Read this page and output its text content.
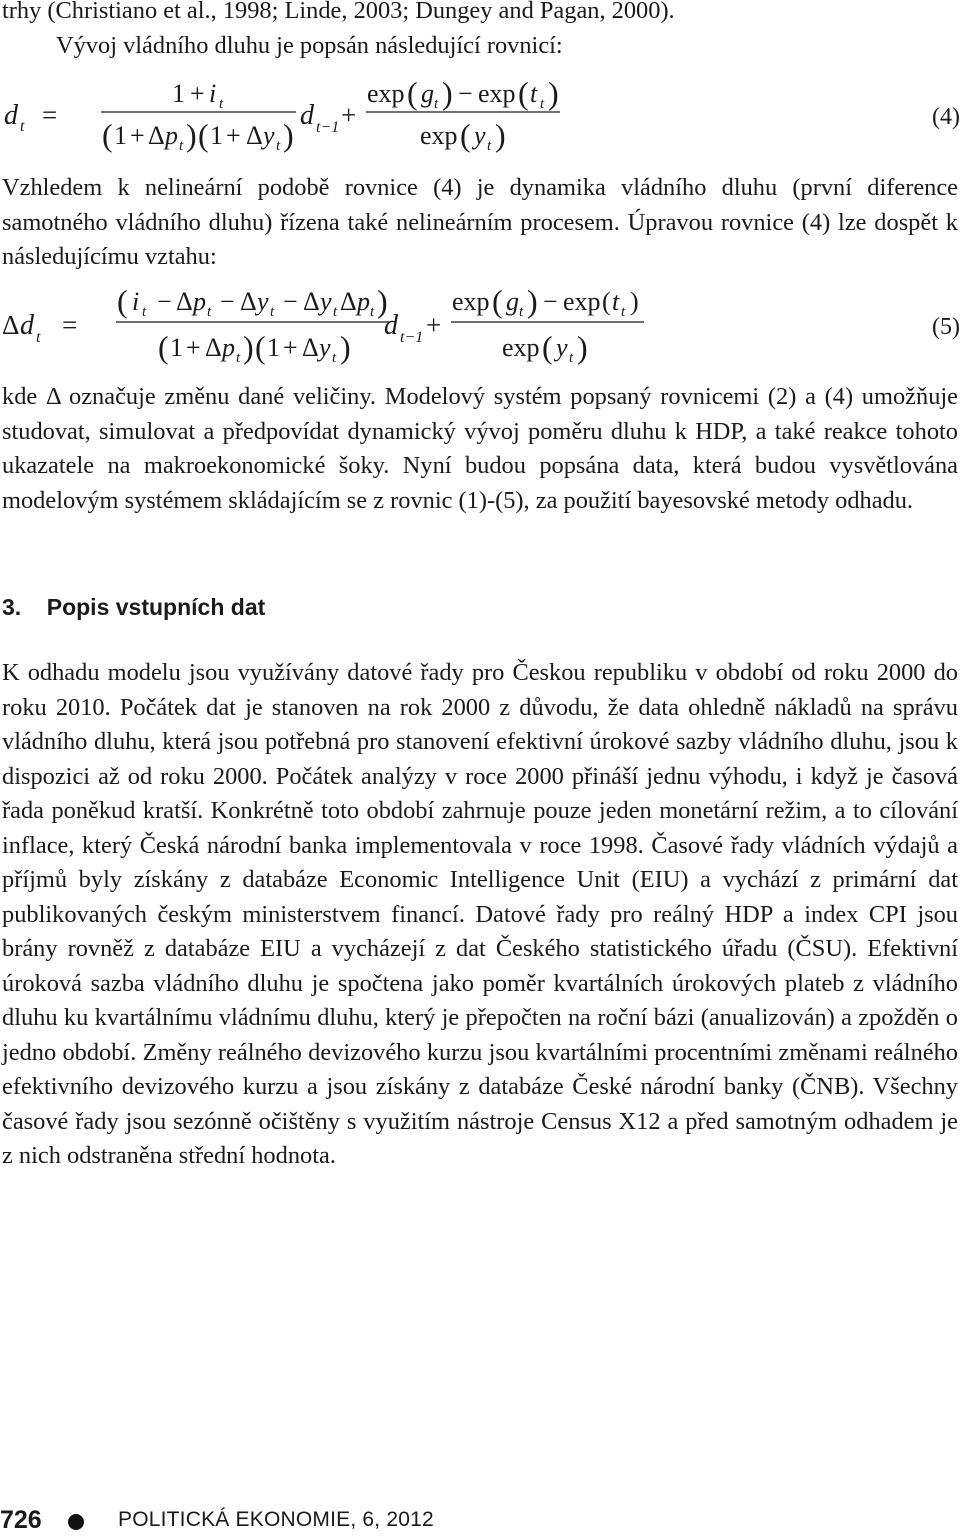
trhy (Christiano et al., 1998; Linde, 2003; Dungey and Pagan, 2000).

Vývoj vládního dluhu je popsán následující rovnicí:

d t =
1 + i t
( 1 + Δ p t ) ( 1 + Δ y t )
d t−1 +
exp ( g t ) − exp ( t t )
exp ( y t )	(4)

Vzhledem k nelineární podobě rovnice (4) je dynamika vládního dluhu (první diference samotného vládního dluhu) řízena také nelineárním procesem. Úpravou rovnice (4) lze dospět k následujícímu vztahu:

Δ d t =
( i t − Δ p t − Δ y t − Δ y t Δ p t )
( 1 + Δ p t ) ( 1 + Δ y t )
d t−1 +
exp ( g t ) − exp ( t t )
exp ( y t )
(5)

kde Δ označuje změnu dané veličiny. Modelový systém popsaný rovnicemi (2) a (4) umožňuje studovat, simulovat a předpovídat dynamický vývoj poměru dluhu k HDP, a také reakce tohoto ukazatele na makroekonomické šoky. Nyní budou popsána data, která budou vysvětlována modelovým systémem skládajícím se z rovnic (1)-(5), za použití bayesovské metody odhadu.

3.    Popis vstupních dat

K odhadu modelu jsou využívány datové řady pro Českou republiku v období od roku 2000 do roku 2010. Počátek dat je stanoven na rok 2000 z důvodu, že data ohledně nákladů na správu vládního dluhu, která jsou potřebná pro stanovení efektivní úrokové sazby vládního dluhu, jsou k dispozici až od roku 2000. Počátek analýzy v roce 2000 přináší jednu výhodu, i když je časová řada poněkud kratší. Konkrétně toto období zahrnuje pouze jeden monetární režim, a to cílování inflace, který Česká národní banka implementovala v roce 1998. Časové řady vládních výdajů a příjmů byly získány z databáze Economic Intelligence Unit (EIU) a vychází z primární dat publikovaných českým ministerstvem financí. Datové řady pro reálný HDP a index CPI jsou brány rovněž z databáze EIU a vycházejí z dat Českého statistického úřadu (ČSU). Efektivní úroková sazba vládního dluhu je spočtena jako poměr kvartálních úrokových plateb z vládního dluhu ku kvartálnímu vládnímu dluhu, který je přepočten na roční bázi (anualizován) a zpožděn o jedno období. Změny reálného devizového kurzu jsou kvartálními procentními změnami reálného efektivního devizového kurzu a jsou získány z databáze České národní banky (ČNB). Všechny časové řady jsou sezónně očištěny s využitím nástroje Census X12 a před samotným odhadem je z nich odstraněna střední hodnota.

726	POLITICKÁ EKONOMIE, 6, 2012
